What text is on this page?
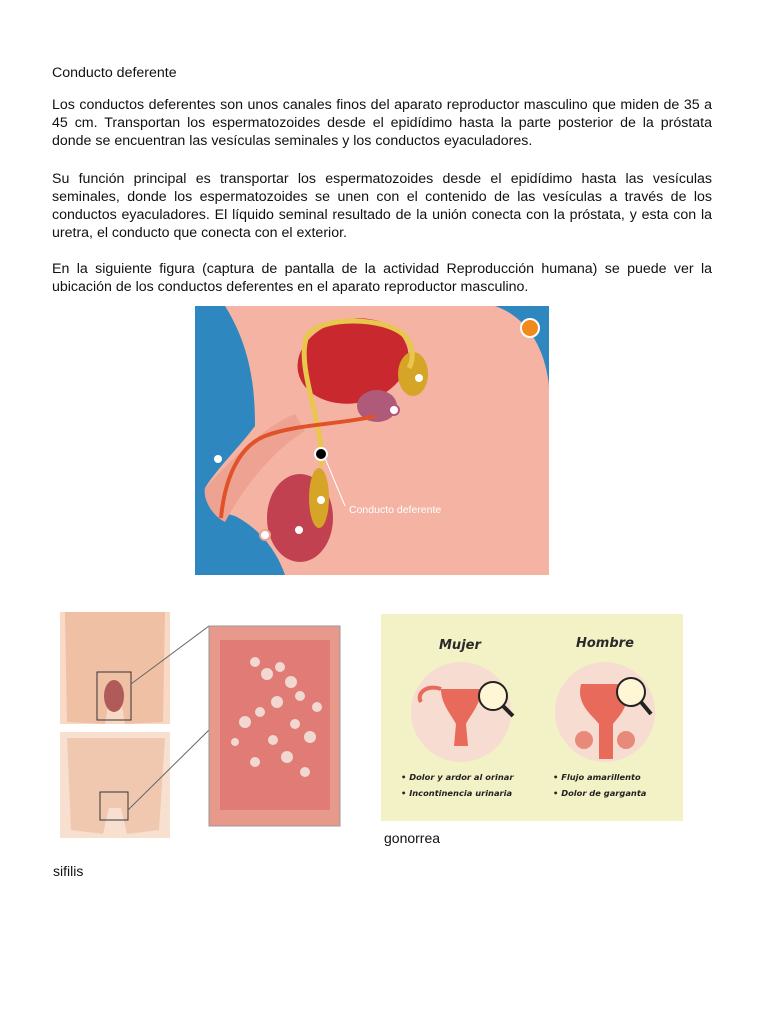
Conducto deferente

Los conductos deferentes son unos canales finos del aparato reproductor masculino que miden de 35 a 45 cm. Transportan los espermatozoides desde el epidídimo hasta la parte posterior de la próstata donde se encuentran las vesículas seminales y los conductos eyaculadores.

Su función principal es transportar los espermatozoides desde el epidídimo hasta las vesículas seminales, donde los espermatozoides se unen con el contenido de las vesículas a través de los conductos eyaculadores. El líquido seminal resultado de la unión conecta con la próstata, y esta con la uretra, el conducto que conecta con el exterior.

En la siguiente figura (captura de pantalla de la actividad Reproducción humana) se puede ver la ubicación de los conductos deferentes en el aparato reproductor masculino.

Conducto deferente
Mujer	Hombre
• Dolor y ardor al orinar
• Incontinencia urinaria
• Flujo amarillento
• Dolor de garganta

gonorrea

sifilis
